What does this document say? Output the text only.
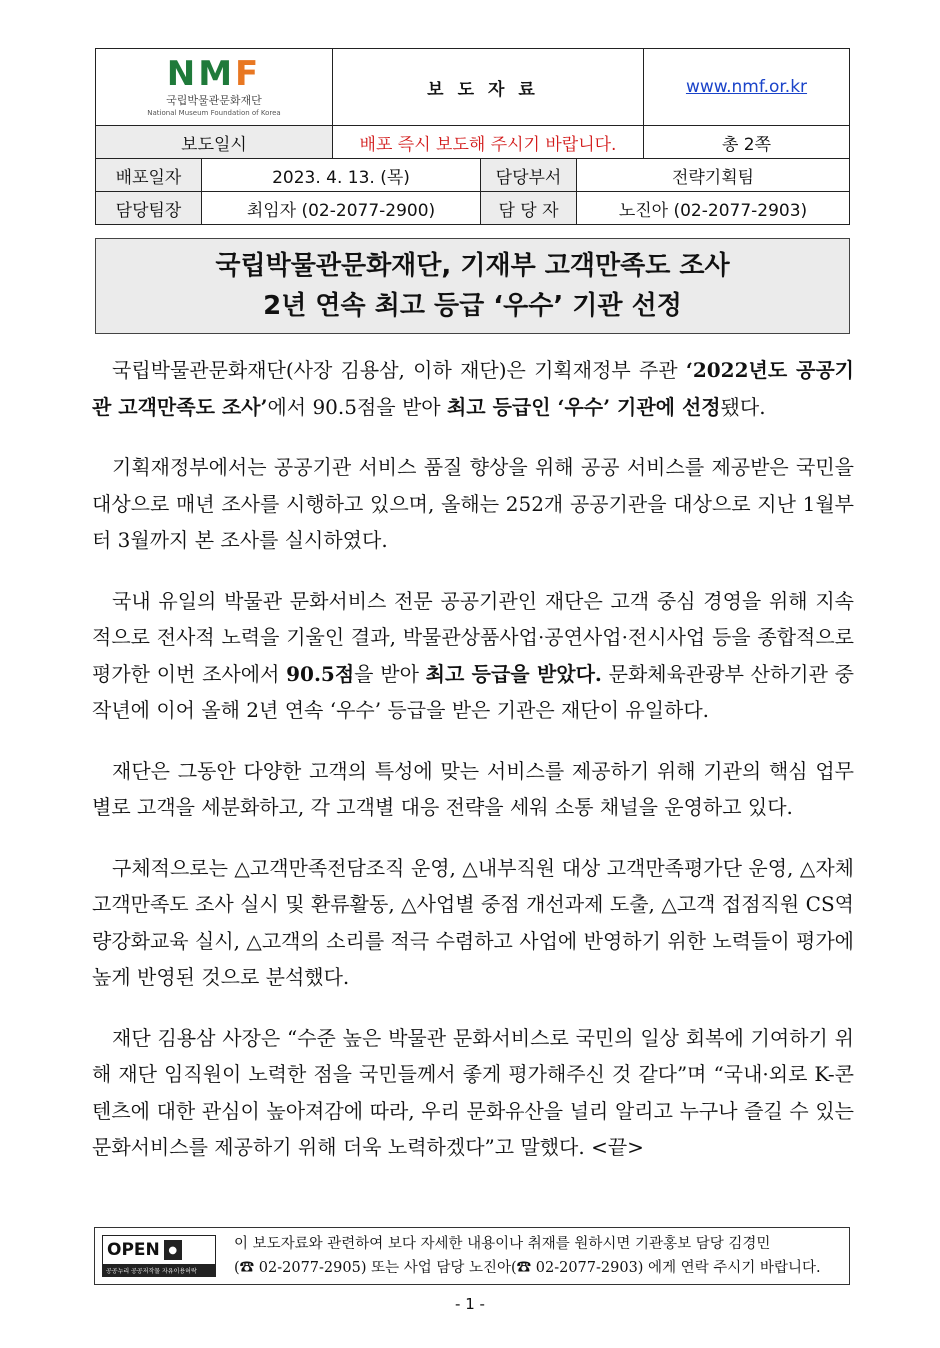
NMF
국립박물관문화재단
National Museum Foundation of Korea	보도자료	www.nmf.or.kr
보도일시	배포 즉시 보도해 주시기 바랍니다. 총 2쪽	
배포일자	2023. 4. 13. (목)	담당부서	전략기획팀
담당팀장	최임자 (02-2077-2900)	담 당 자	노진아 (02-2077-2903)
국립박물관문화재단, 기재부 고객만족도 조사
2년 연속 최고 등급 ‘우수’ 기관 선정

국립박물관문화재단(사장 김용삼, 이하 재단)은 기획재정부 주관 ‘2022년도 공공기관 고객만족도 조사’에서 90.5점을 받아 최고 등급인 ‘우수’ 기관에 선정됐다.

기획재정부에서는 공공기관 서비스 품질 향상을 위해 공공 서비스를 제공받은 국민을 대상으로 매년 조사를 시행하고 있으며, 올해는 252개 공공기관을 대상으로 지난 1월부터 3월까지 본 조사를 실시하였다.

국내 유일의 박물관 문화서비스 전문 공공기관인 재단은 고객 중심 경영을 위해 지속적으로 전사적 노력을 기울인 결과, 박물관상품사업·공연사업·전시사업 등을 종합적으로 평가한 이번 조사에서 90.5점을 받아 최고 등급을 받았다. 문화체육관광부 산하기관 중 작년에 이어 올해 2년 연속 ‘우수’ 등급을 받은 기관은 재단이 유일하다.

재단은 그동안 다양한 고객의 특성에 맞는 서비스를 제공하기 위해 기관의 핵심 업무별로 고객을 세분화하고, 각 고객별 대응 전략을 세워 소통 채널을 운영하고 있다.

구체적으로는 △고객만족전담조직 운영, △내부직원 대상 고객만족평가단 운영, △자체고객만족도 조사 실시 및 환류활동, △사업별 중점 개선과제 도출, △고객 접점직원 CS역량강화교육 실시, △고객의 소리를 적극 수렴하고 사업에 반영하기 위한 노력들이 평가에 높게 반영된 것으로 분석했다.

재단 김용삼 사장은 “수준 높은 박물관 문화서비스로 국민의 일상 회복에 기여하기 위해 재단 임직원이 노력한 점을 국민들께서 좋게 평가해주신 것 같다”며 “국내·외로 K-콘텐츠에 대한 관심이 높아져감에 따라, 우리 문화유산을 널리 알리고 누구나 즐길 수 있는 문화서비스를 제공하기 위해 더욱 노력하겠다”고 말했다. <끝>

OPEN ●
공공누리 공공저작물 자유이용허락
이 보도자료와 관련하여 보다 자세한 내용이나 취재를 원하시면 기관홍보 담당 김경민
(☎ 02-2077-2905) 또는 사업 담당 노진아(☎ 02-2077-2903) 에게 연락 주시기 바랍니다.
- 1 -
